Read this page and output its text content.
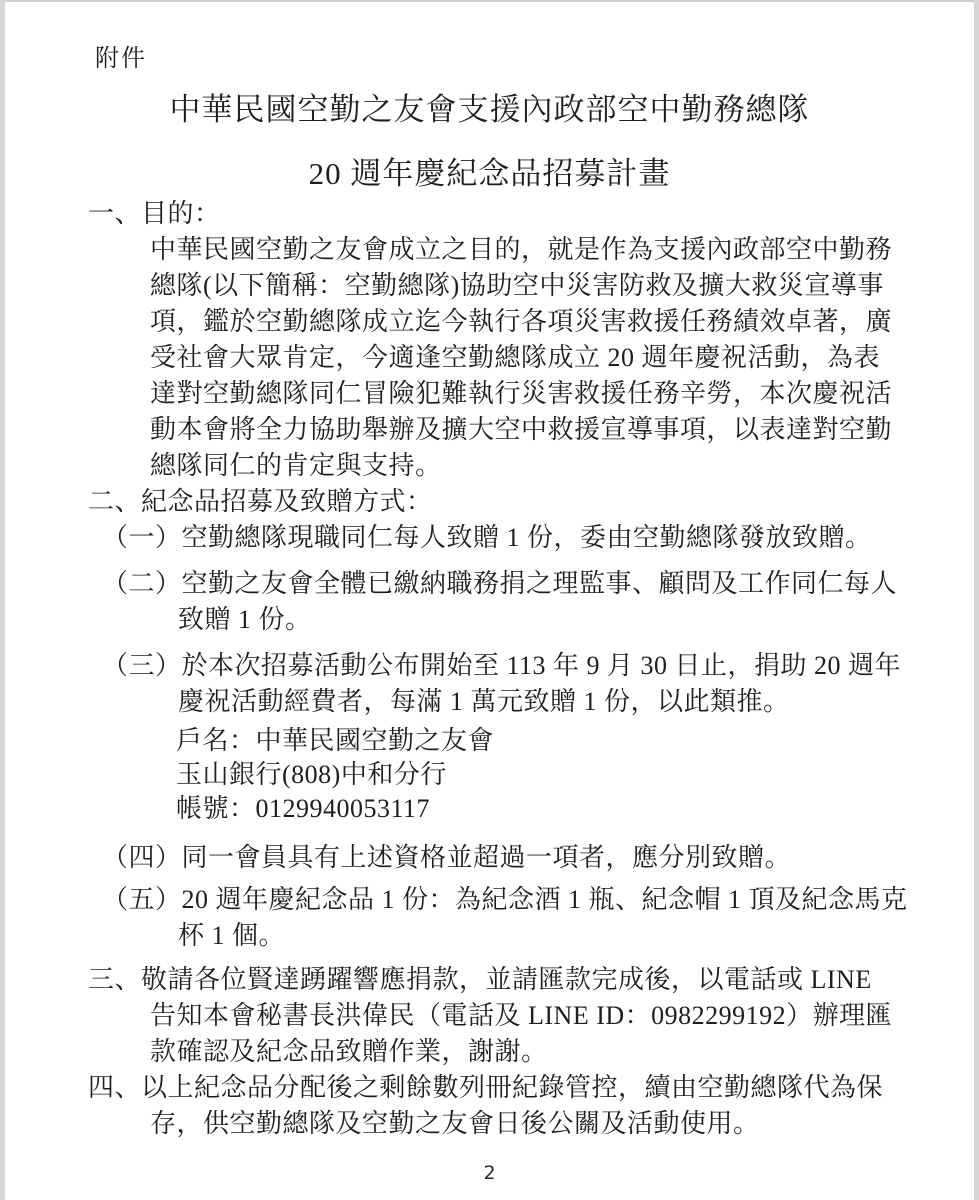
附件
中華民國空勤之友會支援內政部空中勤務總隊
20 週年慶紀念品招募計畫
一、目的：
中華民國空勤之友會成立之目的，就是作為支援內政部空中勤務
總隊(以下簡稱：空勤總隊)協助空中災害防救及擴大救災宣導事
項，鑑於空勤總隊成立迄今執行各項災害救援任務績效卓著，廣
受社會大眾肯定，今適逢空勤總隊成立 20 週年慶祝活動，為表
達對空勤總隊同仁冒險犯難執行災害救援任務辛勞，本次慶祝活
動本會將全力協助舉辦及擴大空中救援宣導事項，以表達對空勤
總隊同仁的肯定與支持。
二、紀念品招募及致贈方式：
（一）空勤總隊現職同仁每人致贈 1 份，委由空勤總隊發放致贈。
（二）空勤之友會全體已繳納職務捐之理監事、顧問及工作同仁每人
致贈 1 份。
（三）於本次招募活動公布開始至 113 年 9 月 30 日止，捐助 20 週年
慶祝活動經費者，每滿 1 萬元致贈 1 份，以此類推。
戶名：中華民國空勤之友會
玉山銀行(808)中和分行
帳號：0129940053117
（四）同一會員具有上述資格並超過一項者，應分別致贈。
（五）20 週年慶紀念品 1 份：為紀念酒 1 瓶、紀念帽 1 頂及紀念馬克
杯 1 個。
三、敬請各位賢達踴躍響應捐款，並請匯款完成後，以電話或 LINE
告知本會秘書長洪偉民（電話及 LINE ID：0982299192）辦理匯
款確認及紀念品致贈作業，謝謝。
四、以上紀念品分配後之剩餘數列冊紀錄管控，續由空勤總隊代為保
存，供空勤總隊及空勤之友會日後公關及活動使用。
2
